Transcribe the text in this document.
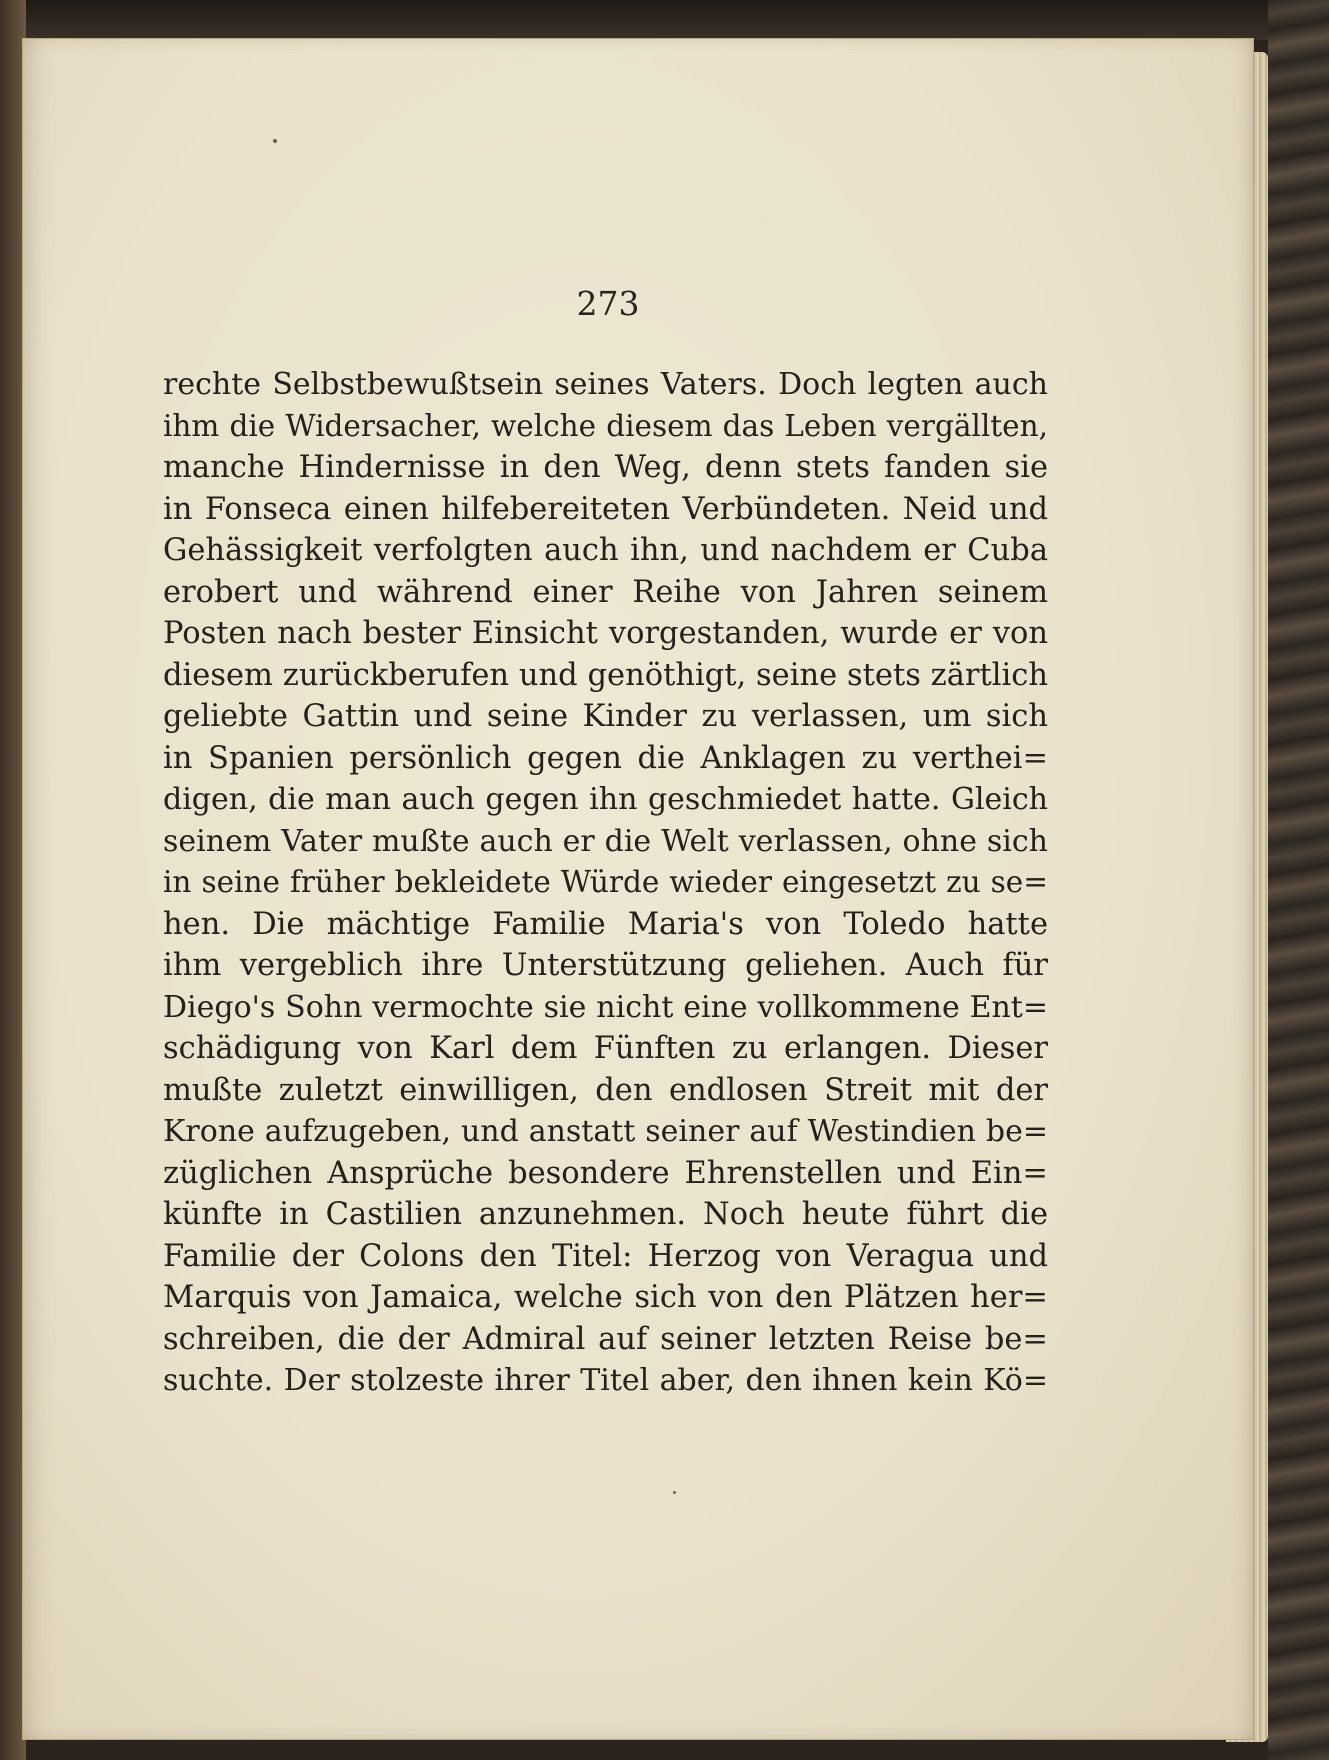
273

rechte Selbstbewußtsein seines Vaters. Doch legten auch
ihm die Widersacher, welche diesem das Leben vergällten,
manche Hindernisse in den Weg, denn stets fanden sie
in Fonseca einen hilfebereiteten Verbündeten. Neid und
Gehässigkeit verfolgten auch ihn, und nachdem er Cuba
erobert und während einer Reihe von Jahren seinem
Posten nach bester Einsicht vorgestanden, wurde er von
diesem zurückberufen und genöthigt, seine stets zärtlich
geliebte Gattin und seine Kinder zu verlassen, um sich
in Spanien persönlich gegen die Anklagen zu verthei=
digen, die man auch gegen ihn geschmiedet hatte. Gleich
seinem Vater mußte auch er die Welt verlassen, ohne sich
in seine früher bekleidete Würde wieder eingesetzt zu se=
hen. Die mächtige Familie Maria's von Toledo hatte
ihm vergeblich ihre Unterstützung geliehen. Auch für
Diego's Sohn vermochte sie nicht eine vollkommene Ent=
schädigung von Karl dem Fünften zu erlangen. Dieser
mußte zuletzt einwilligen, den endlosen Streit mit der
Krone aufzugeben, und anstatt seiner auf Westindien be=
züglichen Ansprüche besondere Ehrenstellen und Ein=
künfte in Castilien anzunehmen. Noch heute führt die
Familie der Colons den Titel: Herzog von Veragua und
Marquis von Jamaica, welche sich von den Plätzen her=
schreiben, die der Admiral auf seiner letzten Reise be=
suchte. Der stolzeste ihrer Titel aber, den ihnen kein Kö=
